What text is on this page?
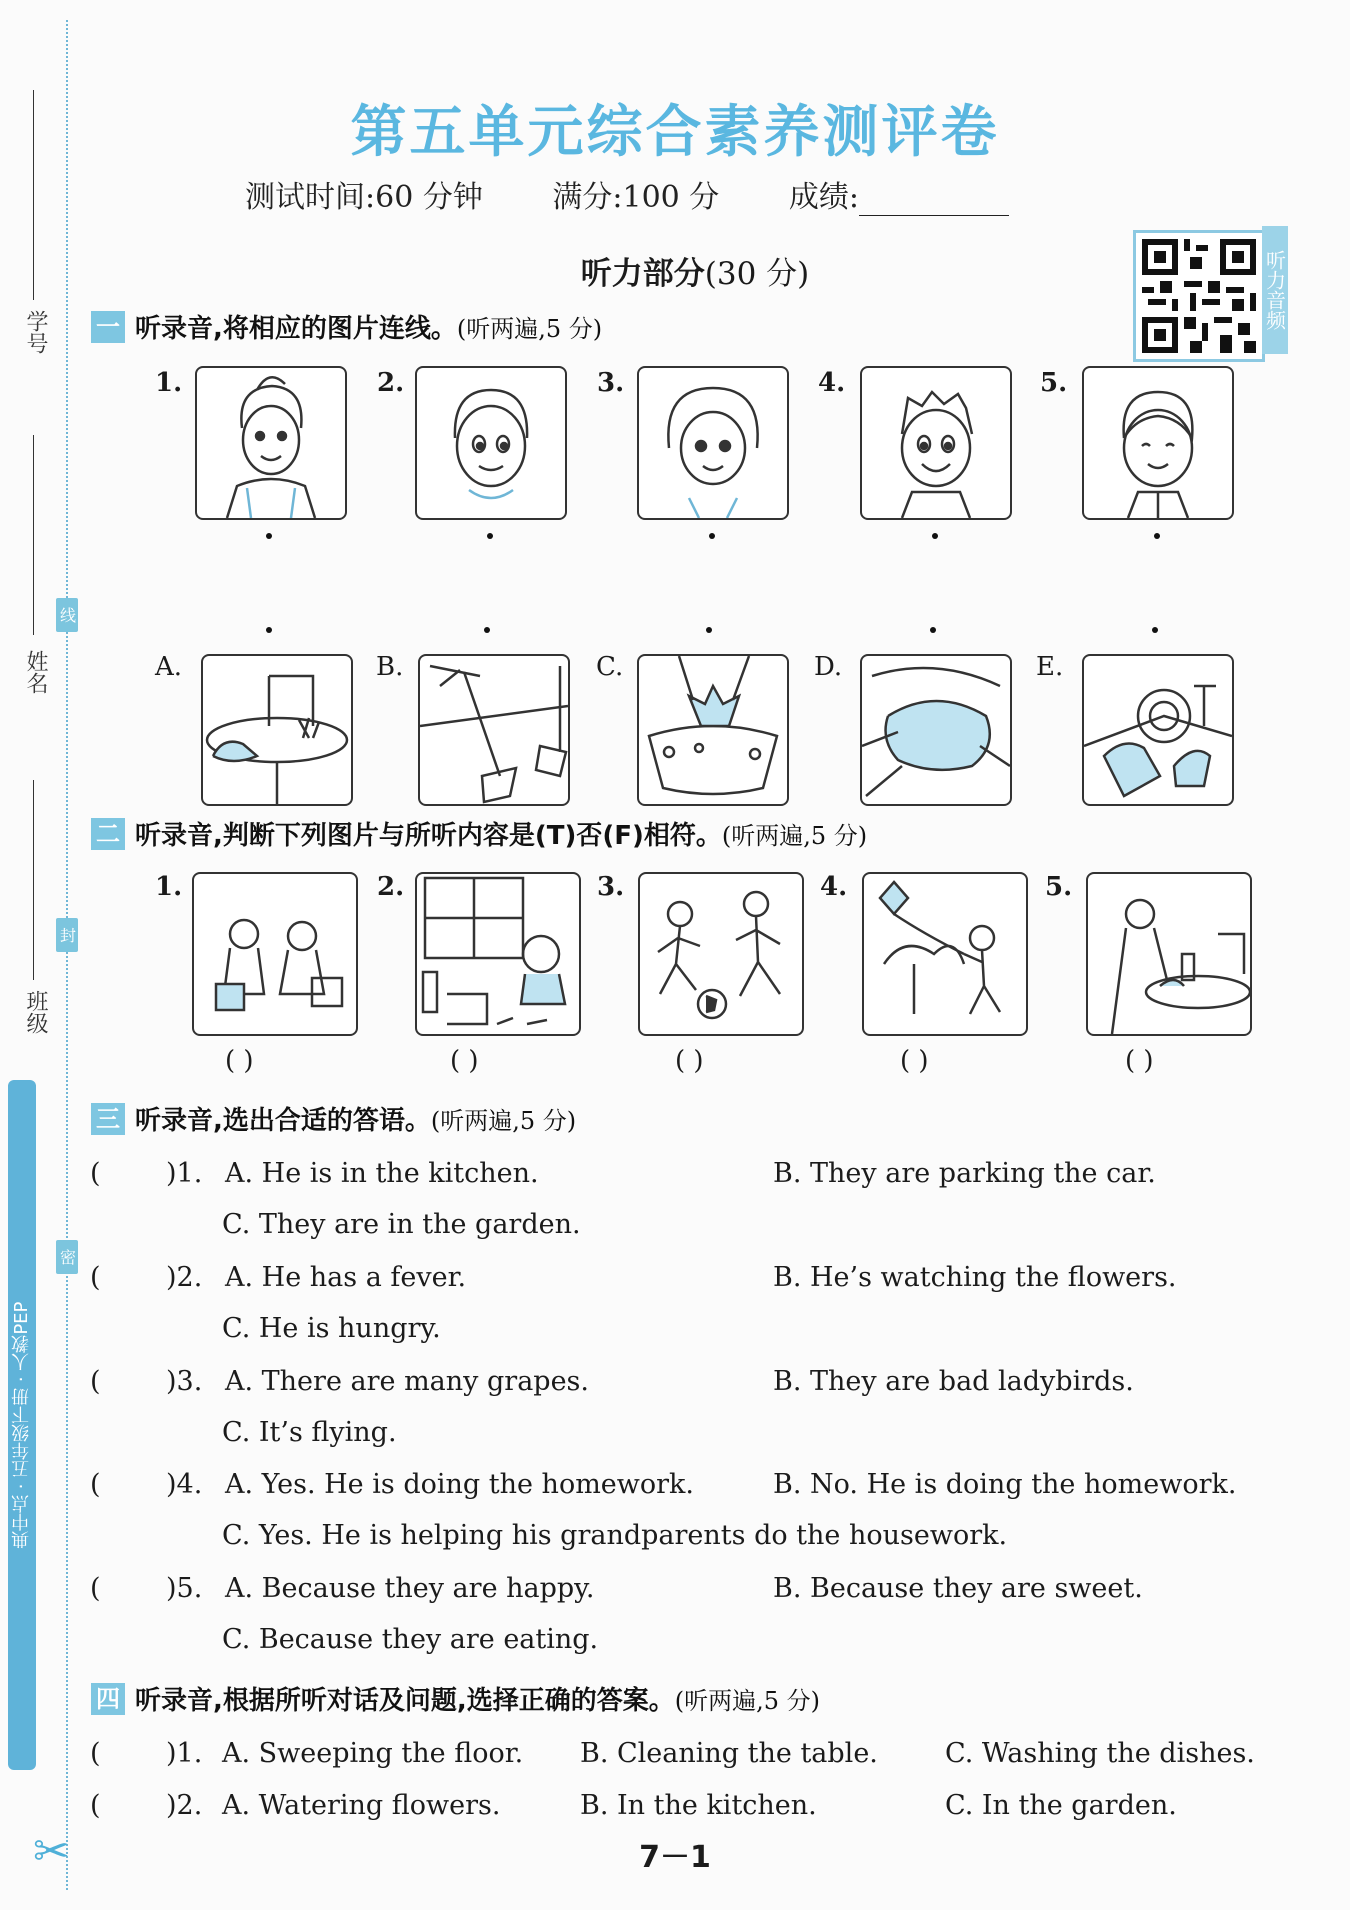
学号
姓名
班级
线
封
密
典中点 · 五年级下册 · 人教PEP
✂
第五单元综合素养测评卷
测试时间:60 分钟 满分:100 分 成绩:
听力部分(30 分)	听力音频
一 听录音,将相应的图片连线。 (听两遍,5 分)
1.	2.	3.	4.	5.
A.	B.	C.	D.	E.
二 听录音,判断下列图片与所听内容是(T)否(F)相符。 (听两遍,5 分)
1.	2.	3.	4.	5.
( )	( )	( )	( )	( )
三 听录音,选出合适的答语。 (听两遍,5 分)
( )1. A. He is in the kitchen.	B. They are parking the car.
C. They are in the garden.
( )2. A. He has a fever.	B. He’s watching the flowers.
C. He is hungry.
( )3. A. There are many grapes.	B. They are bad ladybirds.
C. It’s flying.
( )4. A. Yes. He is doing the homework.	B. No. He is doing the homework.
C. Yes. He is helping his grandparents do the housework.
( )5. A. Because they are happy.	B. Because they are sweet.
C. Because they are eating.
四 听录音,根据所听对话及问题,选择正确的答案。 (听两遍,5 分)
( )1. A. Sweeping the floor. B. Cleaning the table. C. Washing the dishes.
( )2. A. Watering flowers.	B. In the kitchen.	C. In the garden.
7－1
